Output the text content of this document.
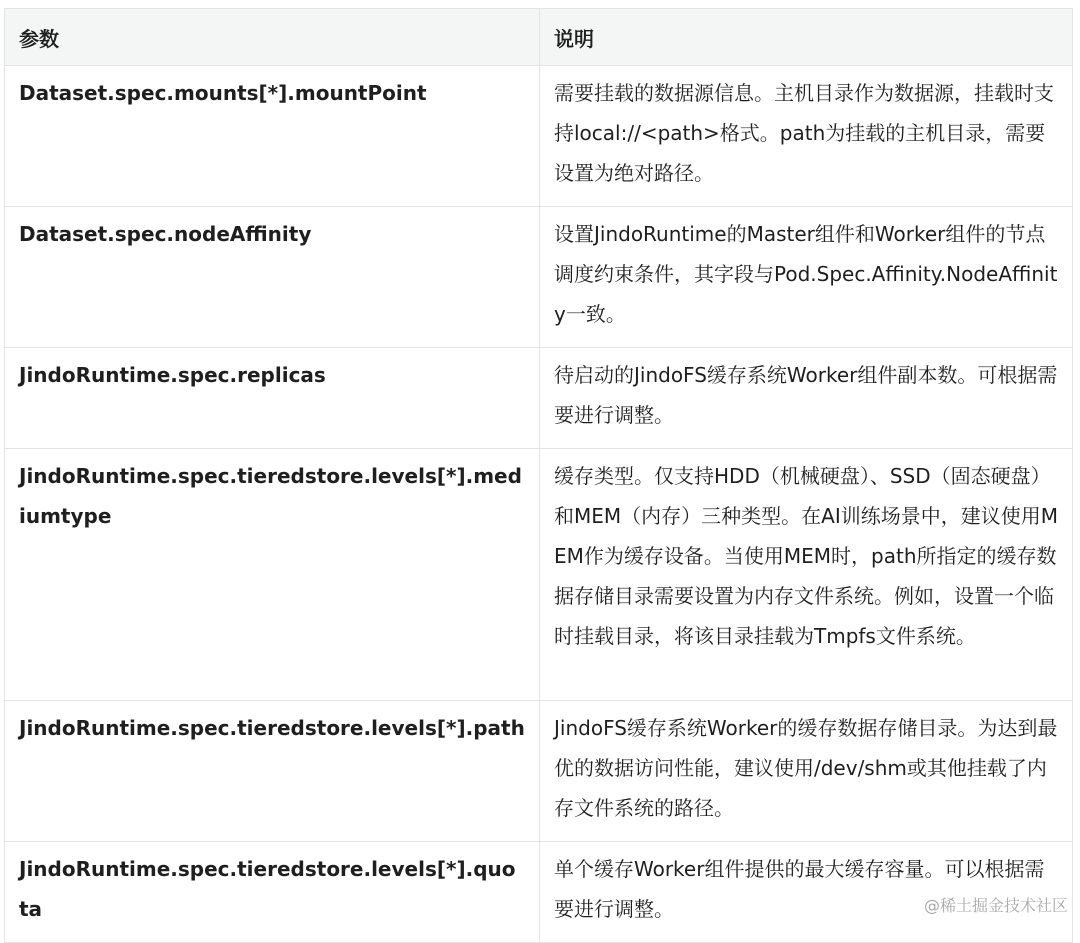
参数	说明
Dataset.spec.mounts[*].mountPoint	需要挂载的数据源信息。主机目录作为数据源，挂载时支持local://<path>格式。path为挂载的主机目录，需要设置为绝对路径。
Dataset.spec.nodeAffinity	设置JindoRuntime的Master组件和Worker组件的节点调度约束条件，其字段与Pod.Spec.Affinity.NodeAffinity一致。
JindoRuntime.spec.replicas	待启动的JindoFS缓存系统Worker组件副本数。可根据需要进行调整。
JindoRuntime.spec.tieredstore.levels[*].mediumtype	缓存类型。仅支持HDD（机械硬盘）、SSD（固态硬盘）和MEM（内存）三种类型。在AI训练场景中，建议使用MEM作为缓存设备。当使用MEM时，path所指定的缓存数据存储目录需要设置为内存文件系统。例如，设置一个临时挂载目录，将该目录挂载为Tmpfs文件系统。
JindoRuntime.spec.tieredstore.levels[*].path	JindoFS缓存系统Worker的缓存数据存储目录。为达到最优的数据访问性能，建议使用/dev/shm或其他挂载了内存文件系统的路径。
JindoRuntime.spec.tieredstore.levels[*].quota	单个缓存Worker组件提供的最大缓存容量。可以根据需要进行调整。	@稀土掘金技术社区
